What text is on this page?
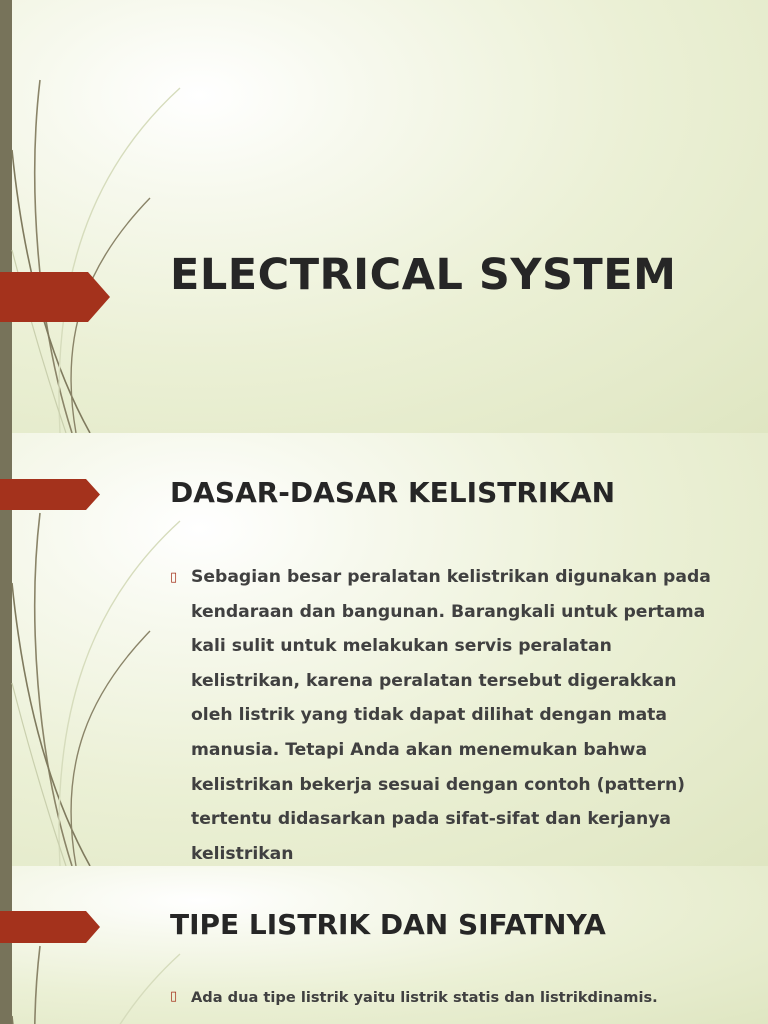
ELECTRICAL SYSTEM
DASAR-DASAR KELISTRIKAN
▯ Sebagian besar peralatan kelistrikan digunakan pada kendaraan dan bangunan. Barangkali untuk pertama kali sulit untuk melakukan servis peralatan kelistrikan, karena peralatan tersebut digerakkan oleh listrik yang tidak dapat dilihat dengan mata manusia. Tetapi Anda akan menemukan bahwa kelistrikan bekerja sesuai dengan contoh (pattern) tertentu didasarkan pada sifat-sifat dan kerjanya kelistrikan
TIPE LISTRIK DAN SIFATNYA
▯ Ada dua tipe listrik yaitu listrik statis dan listrikdinamis.
